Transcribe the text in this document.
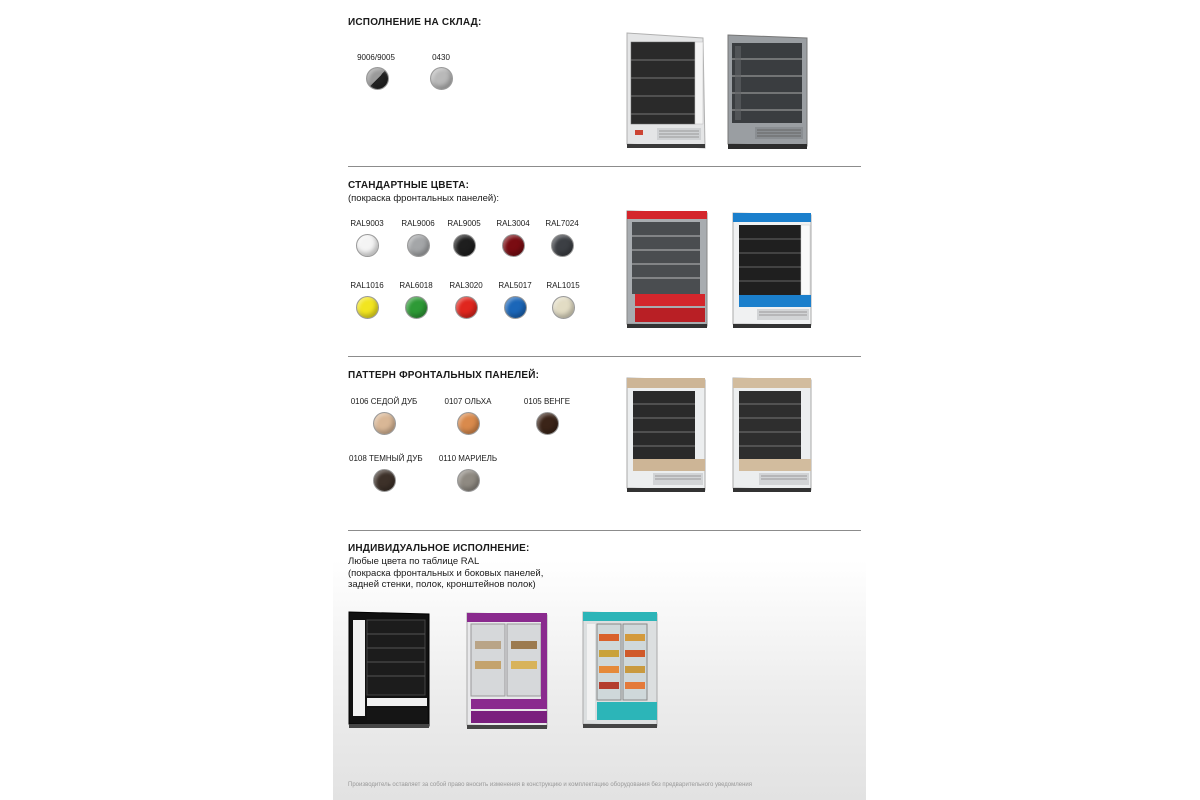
ИСПОЛНЕНИЕ НА СКЛАД:
9006/9005	0430
СТАНДАРТНЫЕ ЦВЕТА:
(покраска фронтальных панелей):
ПАТТЕРН ФРОНТАЛЬНЫХ ПАНЕЛЕЙ:
ИНДИВИДУАЛЬНОЕ ИСПОЛНЕНИЕ:
Любые цвета по таблице RAL
(покраска фронтальных и боковых панелей,
задней стенки, полок, кронштейнов полок)
Производитель оставляет за собой право вносить изменения в конструкцию и комплектацию оборудования без предварительного уведомления
RAL9003	RAL9006	RAL9005	RAL3004	RAL7024
RAL1016	RAL6018	RAL3020	RAL5017	RAL1015
0106 СЕДОЙ ДУБ	0107 ОЛЬХА	0105 ВЕНГЕ
0108 ТЕМНЫЙ ДУБ	0110 МАРИЕЛЬ
